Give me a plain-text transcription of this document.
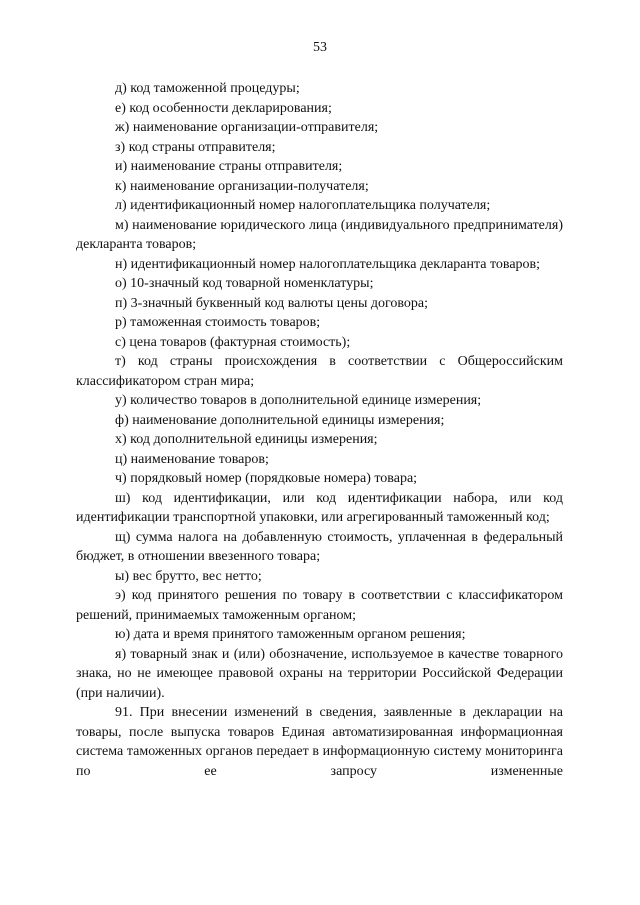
53

д) код таможенной процедуры;

е) код особенности декларирования;

ж) наименование организации-отправителя;

з) код страны отправителя;

и) наименование страны отправителя;

к) наименование организации-получателя;

л) идентификационный номер налогоплательщика получателя;

м) наименование юридического лица (индивидуального предпринимателя) декларанта товаров;

н) идентификационный номер налогоплательщика декларанта товаров;

о) 10-значный код товарной номенклатуры;

п) 3-значный буквенный код валюты цены договора;

р) таможенная стоимость товаров;

с) цена товаров (фактурная стоимость);

т) код страны происхождения в соответствии с Общероссийским классификатором стран мира;

у) количество товаров в дополнительной единице измерения;

ф) наименование дополнительной единицы измерения;

х) код дополнительной единицы измерения;

ц) наименование товаров;

ч) порядковый номер (порядковые номера) товара;

ш) код идентификации, или код идентификации набора, или код идентификации транспортной упаковки, или агрегированный таможенный код;

щ) сумма налога на добавленную стоимость, уплаченная в федеральный бюджет, в отношении ввезенного товара;

ы) вес брутто, вес нетто;

э) код принятого решения по товару в соответствии с классификатором решений, принимаемых таможенным органом;

ю) дата и время принятого таможенным органом решения;

я) товарный знак и (или) обозначение, используемое в качестве товарного знака, но не имеющее правовой охраны на территории Российской Федерации (при наличии).

91. При внесении изменений в сведения, заявленные в декларации на товары, после выпуска товаров Единая автоматизированная информационная система таможенных органов передает в информационную систему мониторинга по ее запросу измененные
